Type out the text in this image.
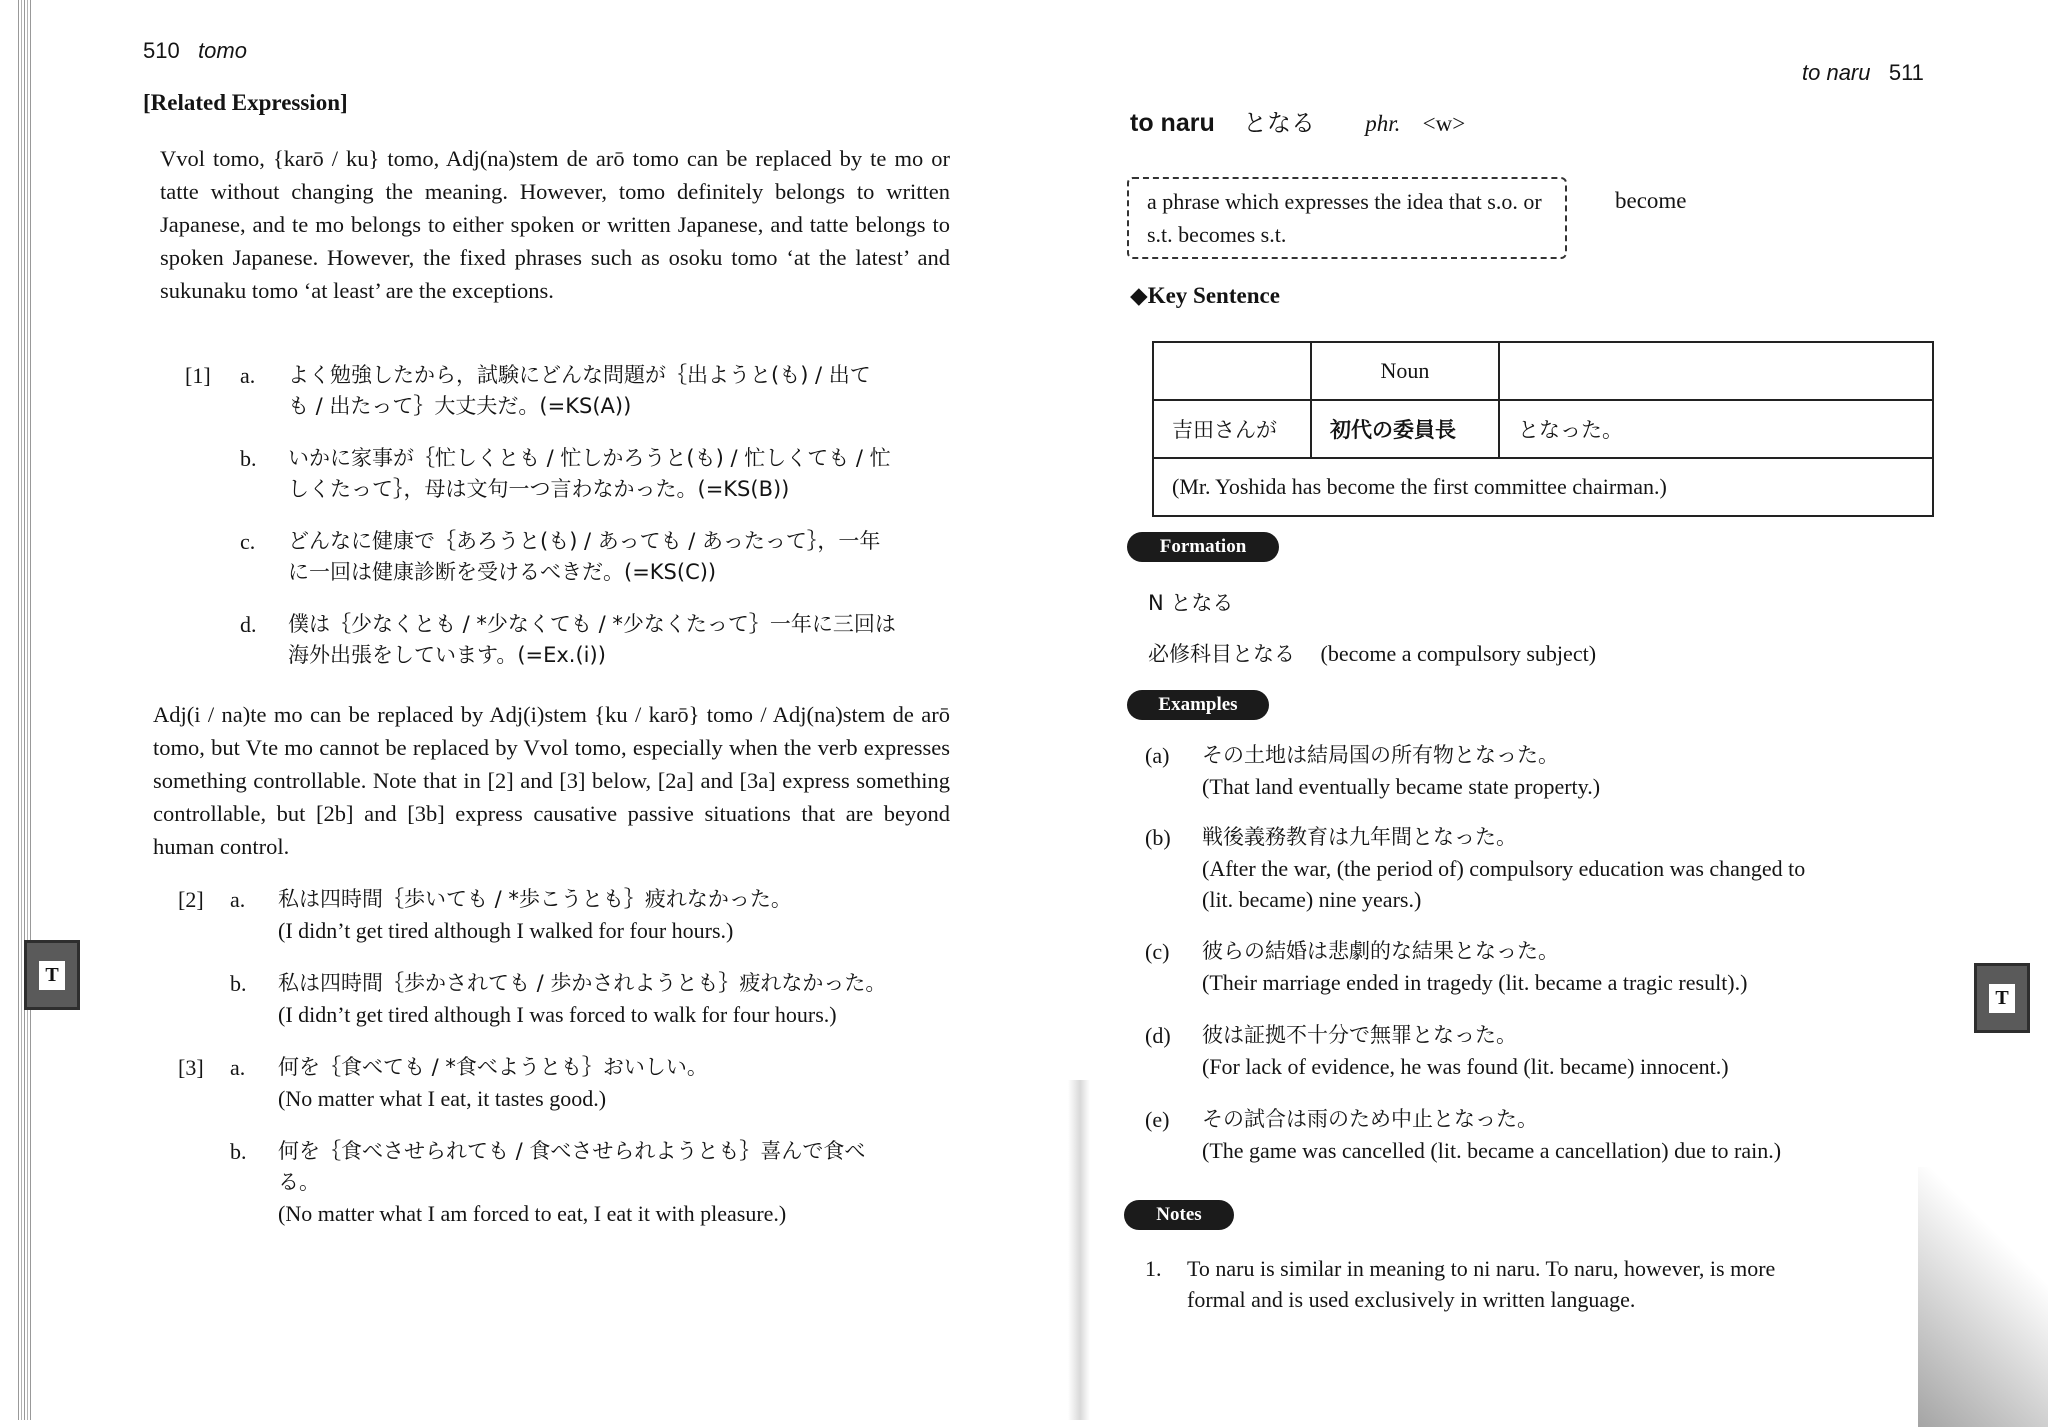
510 tomo
[Related Expression]
Vvol tomo, {karō / ku} tomo, Adj(na)stem de arō tomo can be replaced by te mo or tatte without changing the meaning. However, tomo definitely belongs to written Japanese, and te mo belongs to either spoken or written Japanese, and tatte belongs to spoken Japanese. However, the fixed phrases such as osoku tomo ‘at the latest’ and sukunaku tomo ‘at least’ are the exceptions.
[1] a. よく勉強したから，試験にどんな問題が｛出ようと(も) / 出て
も / 出たって｝大丈夫だ。(=KS(A))
b. いかに家事が｛忙しくとも / 忙しかろうと(も) / 忙しくても / 忙
しくたって｝，母は文句一つ言わなかった。(=KS(B))
c. どんなに健康で｛あろうと(も) / あっても / あったって｝，一年
に一回は健康診断を受けるべきだ。(=KS(C))
d. 僕は｛少なくとも / *少なくても / *少なくたって｝一年に三回は
海外出張をしています。(=Ex.(i))
Adj(i / na)te mo can be replaced by Adj(i)stem {ku / karō} tomo / Adj(na)stem de arō tomo, but Vte mo cannot be replaced by Vvol tomo, especially when the verb expresses something controllable. Note that in [2] and [3] below, [2a] and [3a] express something controllable, but [2b] and [3b] express causative passive situations that are beyond human control.
[2] a. 私は四時間｛歩いても / *歩こうとも｝疲れなかった。
(I didn’t get tired although I walked for four hours.)
b. 私は四時間｛歩かされても / 歩かされようとも｝疲れなかった。
(I didn’t get tired although I was forced to walk for four hours.)
[3] a. 何を｛食べても / *食べようとも｝おいしい。
(No matter what I eat, it tastes good.)
b. 何を｛食べさせられても / 食べさせられようとも｝喜んで食べ
る。
(No matter what I am forced to eat, I eat it with pleasure.)
T
to naru 511
to naru となる phr. <w>
a phrase which expresses the idea that s.o. or s.t. becomes s.t.
become
◆Key Sentence
	Noun	
吉田さんが	初代の委員長	となった。
(Mr. Yoshida has become the first committee chairman.)		
Formation
N となる
必修科目となる (become a compulsory subject)
Examples
(a) その土地は結局国の所有物となった。
(That land eventually became state property.)
(b) 戦後義務教育は九年間となった。
(After the war, (the period of) compulsory education was changed to
(lit. became) nine years.)
(c) 彼らの結婚は悲劇的な結果となった。
(Their marriage ended in tragedy (lit. became a tragic result).)
(d) 彼は証拠不十分で無罪となった。
(For lack of evidence, he was found (lit. became) innocent.)
(e) その試合は雨のため中止となった。
(The game was cancelled (lit. became a cancellation) due to rain.)
Notes
1. To naru is similar in meaning to ni naru. To naru, however, is more
formal and is used exclusively in written language.
T
